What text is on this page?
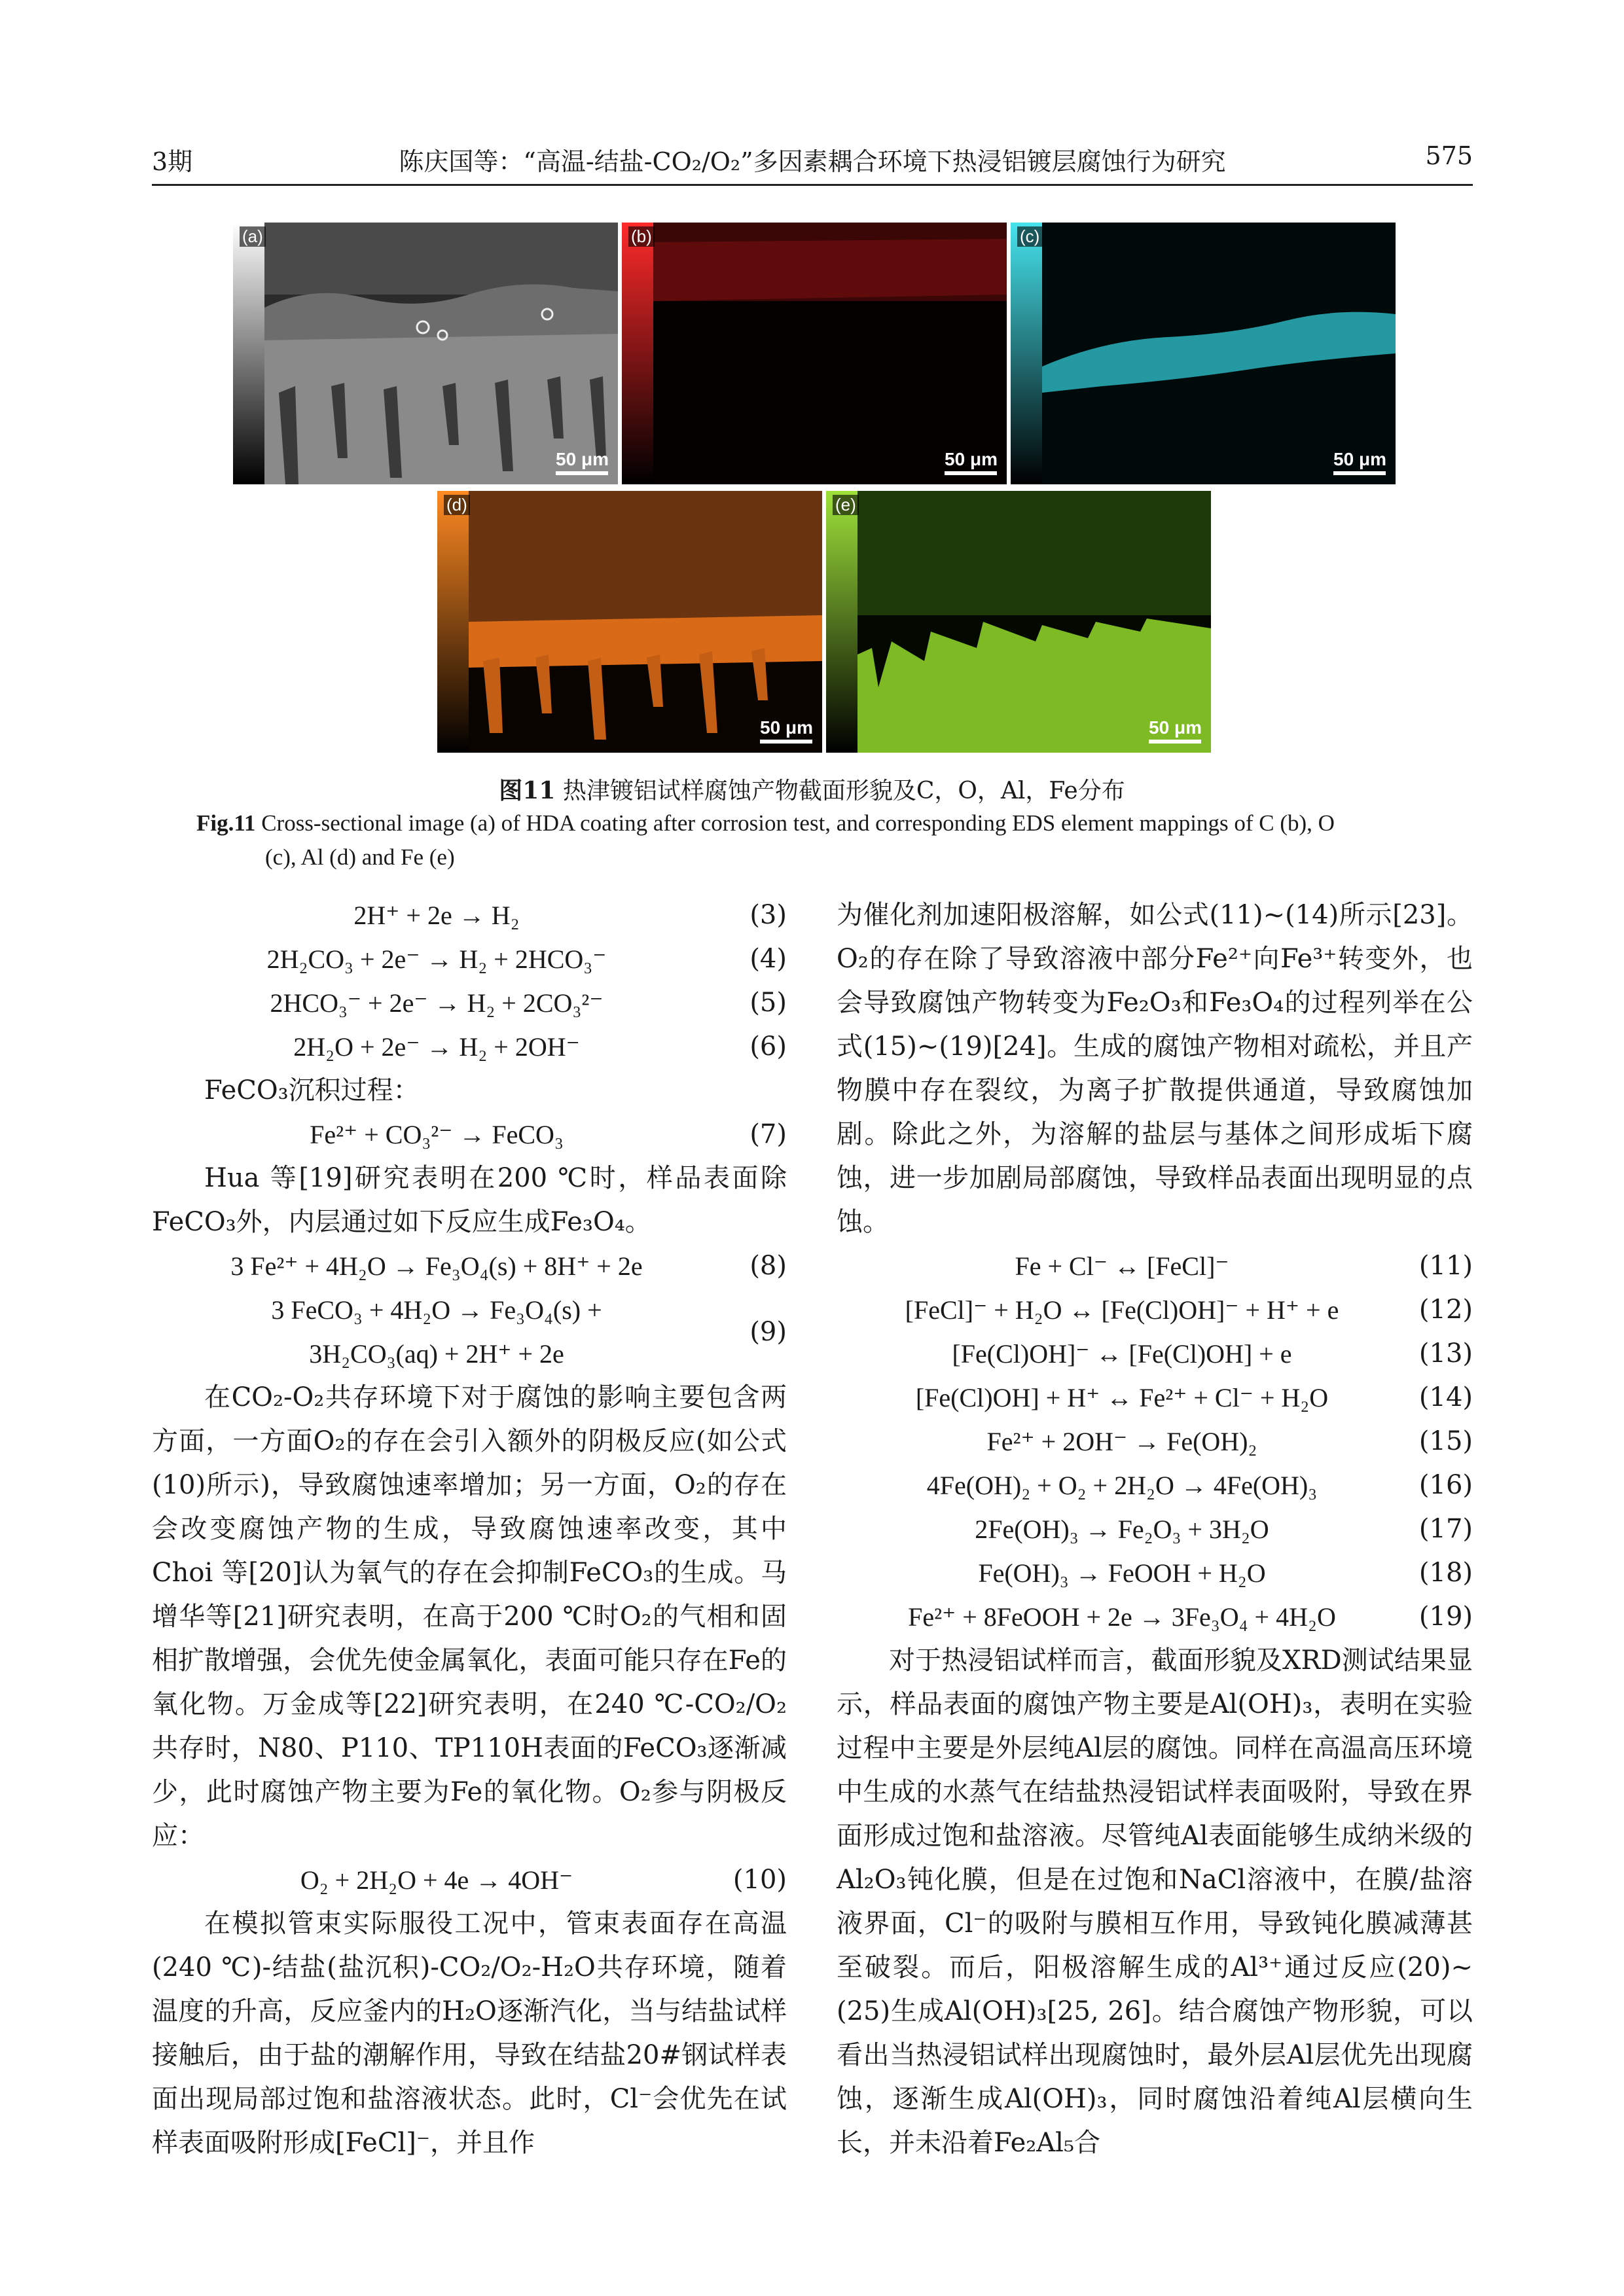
3期	陈庆国等：“高温-结盐-CO₂/O₂”多因素耦合环境下热浸铝镀层腐蚀行为研究	575
(a)
50 μm
(b)
50 μm
(c)
50 μm
(d)
50 μm
(e)
50 μm
图11 热津镀铝试样腐蚀产物截面形貌及C，O，Al，Fe分布
Fig.11 Cross-sectional image (a) of HDA coating after corrosion test, and corresponding EDS element mappings of C (b), O
(c), Al (d) and Fe (e)
2H⁺ + 2e → H₂	(3)
2H₂CO₃ + 2e⁻ → H₂ + 2HCO₃⁻	(4)
2HCO₃⁻ + 2e⁻ → H₂ + 2CO₃²⁻	(5)
2H₂O + 2e⁻ → H₂ + 2OH⁻	(6)

FeCO₃沉积过程：

Fe²⁺ + CO₃²⁻ → FeCO₃	(7)

Hua 等[19]研究表明在200 ℃时，样品表面除FeCO₃外，内层通过如下反应生成Fe₃O₄。

3 Fe²⁺ + 4H₂O → Fe₃O₄(s) + 8H⁺ + 2e	(8)
3 FeCO₃ + 4H₂O → Fe₃O₄(s) +
3H₂CO₃(aq) + 2H⁺ + 2e
(9)

在CO₂-O₂共存环境下对于腐蚀的影响主要包含两方面，一方面O₂的存在会引入额外的阴极反应(如公式(10)所示)，导致腐蚀速率增加；另一方面，O₂的存在会改变腐蚀产物的生成，导致腐蚀速率改变，其中Choi 等[20]认为氧气的存在会抑制FeCO₃的生成。马增华等[21]研究表明，在高于200 ℃时O₂的气相和固相扩散增强，会优先使金属氧化，表面可能只存在Fe的氧化物。万金成等[22]研究表明，在240 ℃-CO₂/O₂共存时，N80、P110、TP110H表面的FeCO₃逐渐减少，此时腐蚀产物主要为Fe的氧化物。O₂参与阴极反应：

O₂ + 2H₂O + 4e → 4OH⁻	(10)

在模拟管束实际服役工况中，管束表面存在高温(240 ℃)-结盐(盐沉积)-CO₂/O₂-H₂O共存环境，随着温度的升高，反应釜内的H₂O逐渐汽化，当与结盐试样接触后，由于盐的潮解作用，导致在结盐20#钢试样表面出现局部过饱和盐溶液状态。此时，Cl⁻会优先在试样表面吸附形成[FeCl]⁻，并且作

为催化剂加速阳极溶解，如公式(11)~(14)所示[23]。O₂的存在除了导致溶液中部分Fe²⁺向Fe³⁺转变外，也会导致腐蚀产物转变为Fe₂O₃和Fe₃O₄的过程列举在公式(15)~(19)[24]。生成的腐蚀产物相对疏松，并且产物膜中存在裂纹，为离子扩散提供通道，导致腐蚀加剧。除此之外，为溶解的盐层与基体之间形成垢下腐蚀，进一步加剧局部腐蚀，导致样品表面出现明显的点蚀。

Fe + Cl⁻ ↔ [FeCl]⁻	(11)
[FeCl]⁻ + H₂O ↔ [Fe(Cl)OH]⁻ + H⁺ + e	(12)
[Fe(Cl)OH]⁻ ↔ [Fe(Cl)OH] + e	(13)
[Fe(Cl)OH] + H⁺ ↔ Fe²⁺ + Cl⁻ + H₂O	(14)
Fe²⁺ + 2OH⁻ → Fe(OH)₂	(15)
4Fe(OH)₂ + O₂ + 2H₂O → 4Fe(OH)₃	(16)
2Fe(OH)₃ → Fe₂O₃ + 3H₂O	(17)
Fe(OH)₃ → FeOOH + H₂O	(18)
Fe²⁺ + 8FeOOH + 2e → 3Fe₃O₄ + 4H₂O	(19)

对于热浸铝试样而言，截面形貌及XRD测试结果显示，样品表面的腐蚀产物主要是Al(OH)₃，表明在实验过程中主要是外层纯Al层的腐蚀。同样在高温高压环境中生成的水蒸气在结盐热浸铝试样表面吸附，导致在界面形成过饱和盐溶液。尽管纯Al表面能够生成纳米级的Al₂O₃钝化膜，但是在过饱和NaCl溶液中，在膜/盐溶液界面，Cl⁻的吸附与膜相互作用，导致钝化膜减薄甚至破裂。而后，阳极溶解生成的Al³⁺通过反应(20)~(25)生成Al(OH)₃[25, 26]。结合腐蚀产物形貌，可以看出当热浸铝试样出现腐蚀时，最外层Al层优先出现腐蚀，逐渐生成Al(OH)₃，同时腐蚀沿着纯Al层横向生长，并未沿着Fe₂Al₅合
